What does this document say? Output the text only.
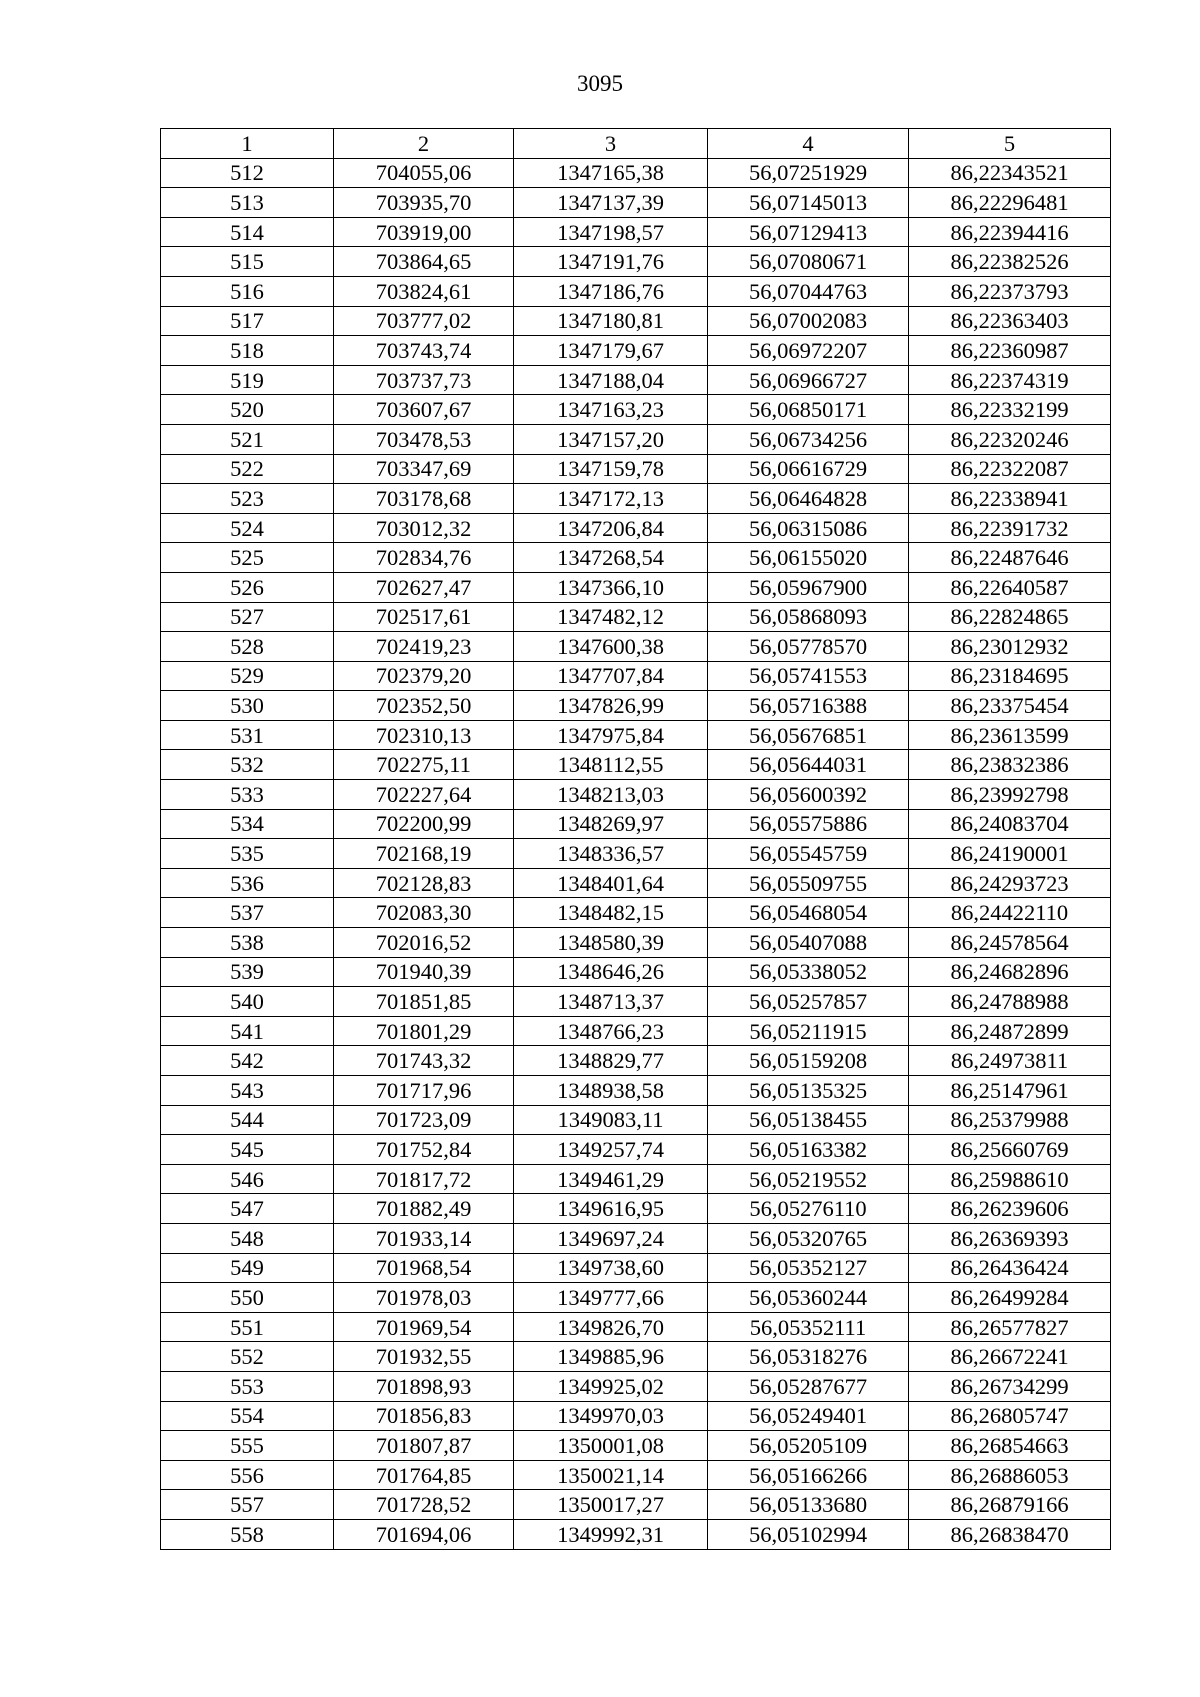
3095
1	2	3	4	5
512	704055,06	1347165,38	56,07251929	86,22343521
513	703935,70	1347137,39	56,07145013	86,22296481
514	703919,00	1347198,57	56,07129413	86,22394416
515	703864,65	1347191,76	56,07080671	86,22382526
516	703824,61	1347186,76	56,07044763	86,22373793
517	703777,02	1347180,81	56,07002083	86,22363403
518	703743,74	1347179,67	56,06972207	86,22360987
519	703737,73	1347188,04	56,06966727	86,22374319
520	703607,67	1347163,23	56,06850171	86,22332199
521	703478,53	1347157,20	56,06734256	86,22320246
522	703347,69	1347159,78	56,06616729	86,22322087
523	703178,68	1347172,13	56,06464828	86,22338941
524	703012,32	1347206,84	56,06315086	86,22391732
525	702834,76	1347268,54	56,06155020	86,22487646
526	702627,47	1347366,10	56,05967900	86,22640587
527	702517,61	1347482,12	56,05868093	86,22824865
528	702419,23	1347600,38	56,05778570	86,23012932
529	702379,20	1347707,84	56,05741553	86,23184695
530	702352,50	1347826,99	56,05716388	86,23375454
531	702310,13	1347975,84	56,05676851	86,23613599
532	702275,11	1348112,55	56,05644031	86,23832386
533	702227,64	1348213,03	56,05600392	86,23992798
534	702200,99	1348269,97	56,05575886	86,24083704
535	702168,19	1348336,57	56,05545759	86,24190001
536	702128,83	1348401,64	56,05509755	86,24293723
537	702083,30	1348482,15	56,05468054	86,24422110
538	702016,52	1348580,39	56,05407088	86,24578564
539	701940,39	1348646,26	56,05338052	86,24682896
540	701851,85	1348713,37	56,05257857	86,24788988
541	701801,29	1348766,23	56,05211915	86,24872899
542	701743,32	1348829,77	56,05159208	86,24973811
543	701717,96	1348938,58	56,05135325	86,25147961
544	701723,09	1349083,11	56,05138455	86,25379988
545	701752,84	1349257,74	56,05163382	86,25660769
546	701817,72	1349461,29	56,05219552	86,25988610
547	701882,49	1349616,95	56,05276110	86,26239606
548	701933,14	1349697,24	56,05320765	86,26369393
549	701968,54	1349738,60	56,05352127	86,26436424
550	701978,03	1349777,66	56,05360244	86,26499284
551	701969,54	1349826,70	56,05352111	86,26577827
552	701932,55	1349885,96	56,05318276	86,26672241
553	701898,93	1349925,02	56,05287677	86,26734299
554	701856,83	1349970,03	56,05249401	86,26805747
555	701807,87	1350001,08	56,05205109	86,26854663
556	701764,85	1350021,14	56,05166266	86,26886053
557	701728,52	1350017,27	56,05133680	86,26879166
558	701694,06	1349992,31	56,05102994	86,26838470
